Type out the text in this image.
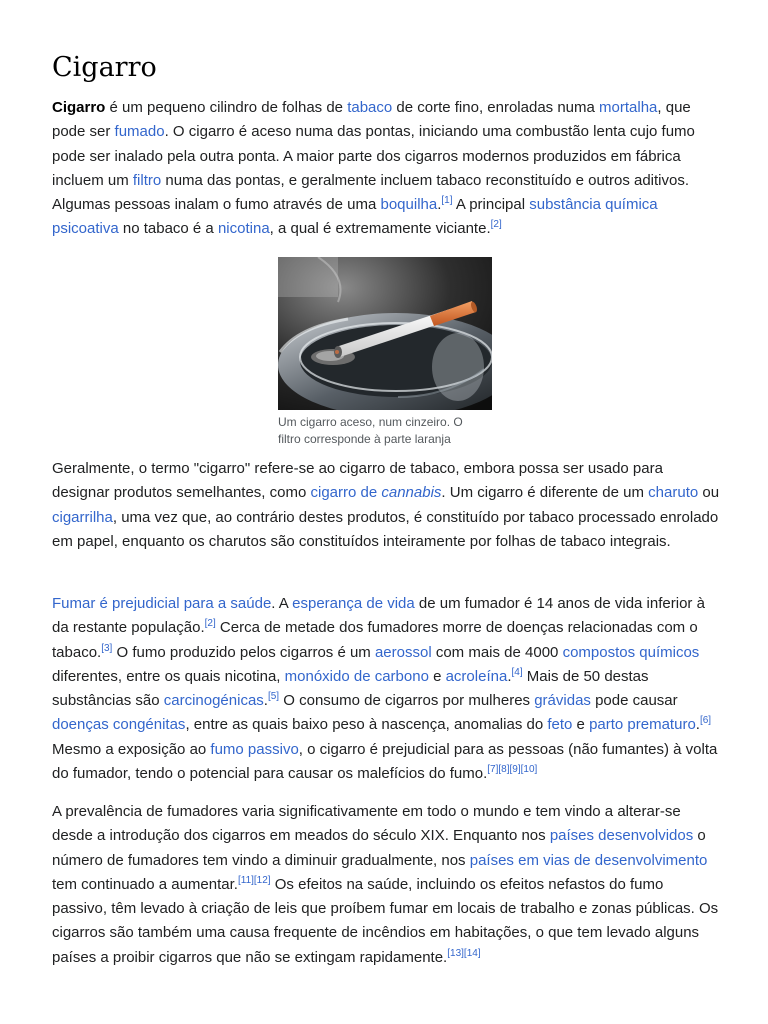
Cigarro

Cigarro é um pequeno cilindro de folhas de tabaco de corte fino, enroladas numa mortalha, que pode ser fumado. O cigarro é aceso numa das pontas, iniciando uma combustão lenta cujo fumo pode ser inalado pela outra ponta. A maior parte dos cigarros modernos produzidos em fábrica incluem um filtro numa das pontas, e geralmente incluem tabaco reconstituído e outros aditivos. Algumas pessoas inalam o fumo através de uma boquilha.[1] A principal substância química psicoativa no tabaco é a nicotina, a qual é extremamente viciante.[2]

Um cigarro aceso, num cinzeiro. O filtro corresponde à parte laranja

Geralmente, o termo "cigarro" refere-se ao cigarro de tabaco, embora possa ser usado para designar produtos semelhantes, como cigarro de cannabis. Um cigarro é diferente de um charuto ou cigarrilha, uma vez que, ao contrário destes produtos, é constituído por tabaco processado enrolado em papel, enquanto os charutos são constituídos inteiramente por folhas de tabaco integrais.

Fumar é prejudicial para a saúde. A esperança de vida de um fumador é 14 anos de vida inferior à da restante população.[2] Cerca de metade dos fumadores morre de doenças relacionadas com o tabaco.[3] O fumo produzido pelos cigarros é um aerossol com mais de 4000 compostos químicos diferentes, entre os quais nicotina, monóxido de carbono e acroleína.[4] Mais de 50 destas substâncias são carcinogénicas.[5] O consumo de cigarros por mulheres grávidas pode causar doenças congénitas, entre as quais baixo peso à nascença, anomalias do feto e parto prematuro.[6] Mesmo a exposição ao fumo passivo, o cigarro é prejudicial para as pessoas (não fumantes) à volta do fumador, tendo o potencial para causar os malefícios do fumo.[7][8][9][10]

A prevalência de fumadores varia significativamente em todo o mundo e tem vindo a alterar-se desde a introdução dos cigarros em meados do século XIX. Enquanto nos países desenvolvidos o número de fumadores tem vindo a diminuir gradualmente, nos países em vias de desenvolvimento tem continuado a aumentar.[11][12] Os efeitos na saúde, incluindo os efeitos nefastos do fumo passivo, têm levado à criação de leis que proíbem fumar em locais de trabalho e zonas públicas. Os cigarros são também uma causa frequente de incêndios em habitações, o que tem levado alguns países a proibir cigarros que não se extingam rapidamente.[13][14]
